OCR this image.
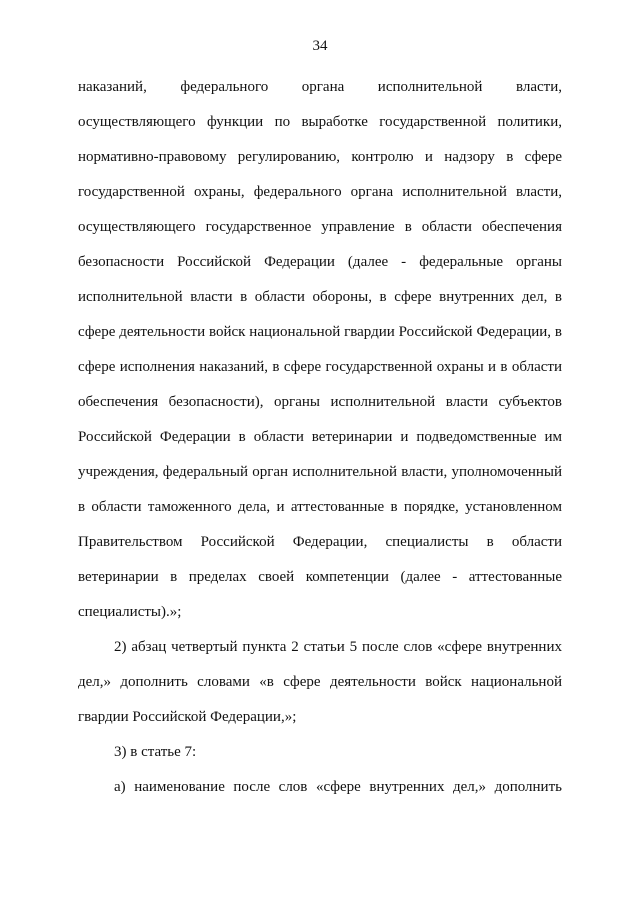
34
наказаний, федерального органа исполнительной власти,
осуществляющего функции по выработке государственной политики,
нормативно-правовому регулированию, контролю и надзору в сфере
государственной охраны, федерального органа исполнительной власти,
осуществляющего государственное управление в области обеспечения
безопасности Российской Федерации (далее - федеральные органы
исполнительной власти в области обороны, в сфере внутренних дел, в
сфере деятельности войск национальной гвардии Российской Федерации, в
сфере исполнения наказаний, в сфере государственной охраны и в области
обеспечения безопасности), органы исполнительной власти субъектов
Российской Федерации в области ветеринарии и подведомственные им
учреждения, федеральный орган исполнительной власти, уполномоченный
в области таможенного дела, и аттестованные в порядке, установленном
Правительством Российской Федерации, специалисты в области
ветеринарии в пределах своей компетенции (далее - аттестованные
специалисты).»;
2) абзац четвертый пункта 2 статьи 5 после слов «сфере внутренних
дел,» дополнить словами «в сфере деятельности войск национальной
гвардии Российской Федерации,»;
3) в статье 7:
а) наименование после слов «сфере внутренних дел,» дополнить
